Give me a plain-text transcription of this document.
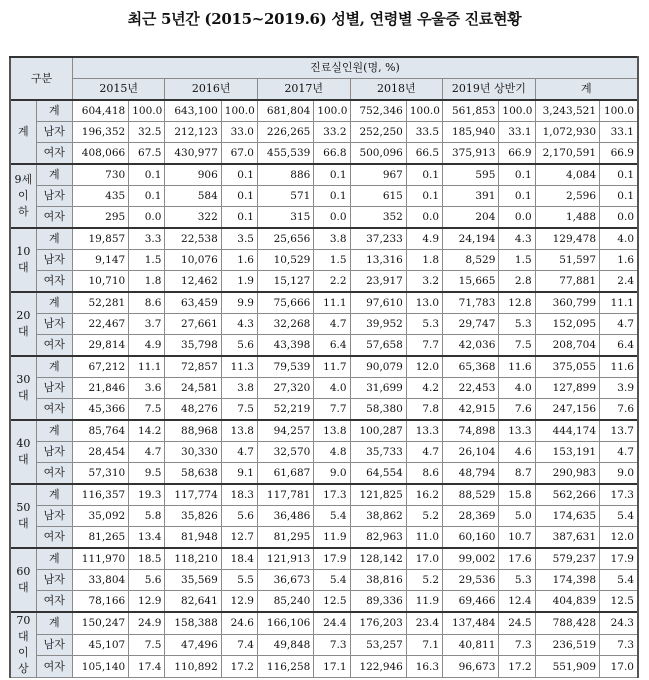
최근 5년간 (2015~2019.6) 성별, 연령별 우울증 진료현황
구분		진료실인원(명, %)											
		2015년		2016년		2017년		2018년		2019년 상반기		계	
계	계	604,418	100.0	643,100	100.0	681,804	100.0	752,346	100.0	561,853	100.0	3,243,521	100.0
	남자	196,352	32.5	212,123	33.0	226,265	33.2	252,250	33.5	185,940	33.1	1,072,930	33.1
	여자	408,066	67.5	430,977	67.0	455,539	66.8	500,096	66.5	375,913	66.9	2,170,591	66.9
9세 이하	계	730	0.1	906	0.1	886	0.1	967	0.1	595	0.1	4,084	0.1
	남자	435	0.1	584	0.1	571	0.1	615	0.1	391	0.1	2,596	0.1
	여자	295	0.0	322	0.1	315	0.0	352	0.0	204	0.0	1,488	0.0
10대	계	19,857	3.3	22,538	3.5	25,656	3.8	37,233	4.9	24,194	4.3	129,478	4.0
	남자	9,147	1.5	10,076	1.6	10,529	1.5	13,316	1.8	8,529	1.5	51,597	1.6
	여자	10,710	1.8	12,462	1.9	15,127	2.2	23,917	3.2	15,665	2.8	77,881	2.4
20대	계	52,281	8.6	63,459	9.9	75,666	11.1	97,610	13.0	71,783	12.8	360,799	11.1
	남자	22,467	3.7	27,661	4.3	32,268	4.7	39,952	5.3	29,747	5.3	152,095	4.7
	여자	29,814	4.9	35,798	5.6	43,398	6.4	57,658	7.7	42,036	7.5	208,704	6.4
30대	계	67,212	11.1	72,857	11.3	79,539	11.7	90,079	12.0	65,368	11.6	375,055	11.6
	남자	21,846	3.6	24,581	3.8	27,320	4.0	31,699	4.2	22,453	4.0	127,899	3.9
	여자	45,366	7.5	48,276	7.5	52,219	7.7	58,380	7.8	42,915	7.6	247,156	7.6
40대	계	85,764	14.2	88,968	13.8	94,257	13.8	100,287	13.3	74,898	13.3	444,174	13.7
	남자	28,454	4.7	30,330	4.7	32,570	4.8	35,733	4.7	26,104	4.6	153,191	4.7
	여자	57,310	9.5	58,638	9.1	61,687	9.0	64,554	8.6	48,794	8.7	290,983	9.0
50대	계	116,357	19.3	117,774	18.3	117,781	17.3	121,825	16.2	88,529	15.8	562,266	17.3
	남자	35,092	5.8	35,826	5.6	36,486	5.4	38,862	5.2	28,369	5.0	174,635	5.4
	여자	81,265	13.4	81,948	12.7	81,295	11.9	82,963	11.0	60,160	10.7	387,631	12.0
60대	계	111,970	18.5	118,210	18.4	121,913	17.9	128,142	17.0	99,002	17.6	579,237	17.9
	남자	33,804	5.6	35,569	5.5	36,673	5.4	38,816	5.2	29,536	5.3	174,398	5.4
	여자	78,166	12.9	82,641	12.9	85,240	12.5	89,336	11.9	69,466	12.4	404,839	12.5
70대 이상	계	150,247	24.9	158,388	24.6	166,106	24.4	176,203	23.4	137,484	24.5	788,428	24.3
	남자	45,107	7.5	47,496	7.4	49,848	7.3	53,257	7.1	40,811	7.3	236,519	7.3
	여자	105,140	17.4	110,892	17.2	116,258	17.1	122,946	16.3	96,673	17.2	551,909	17.0
